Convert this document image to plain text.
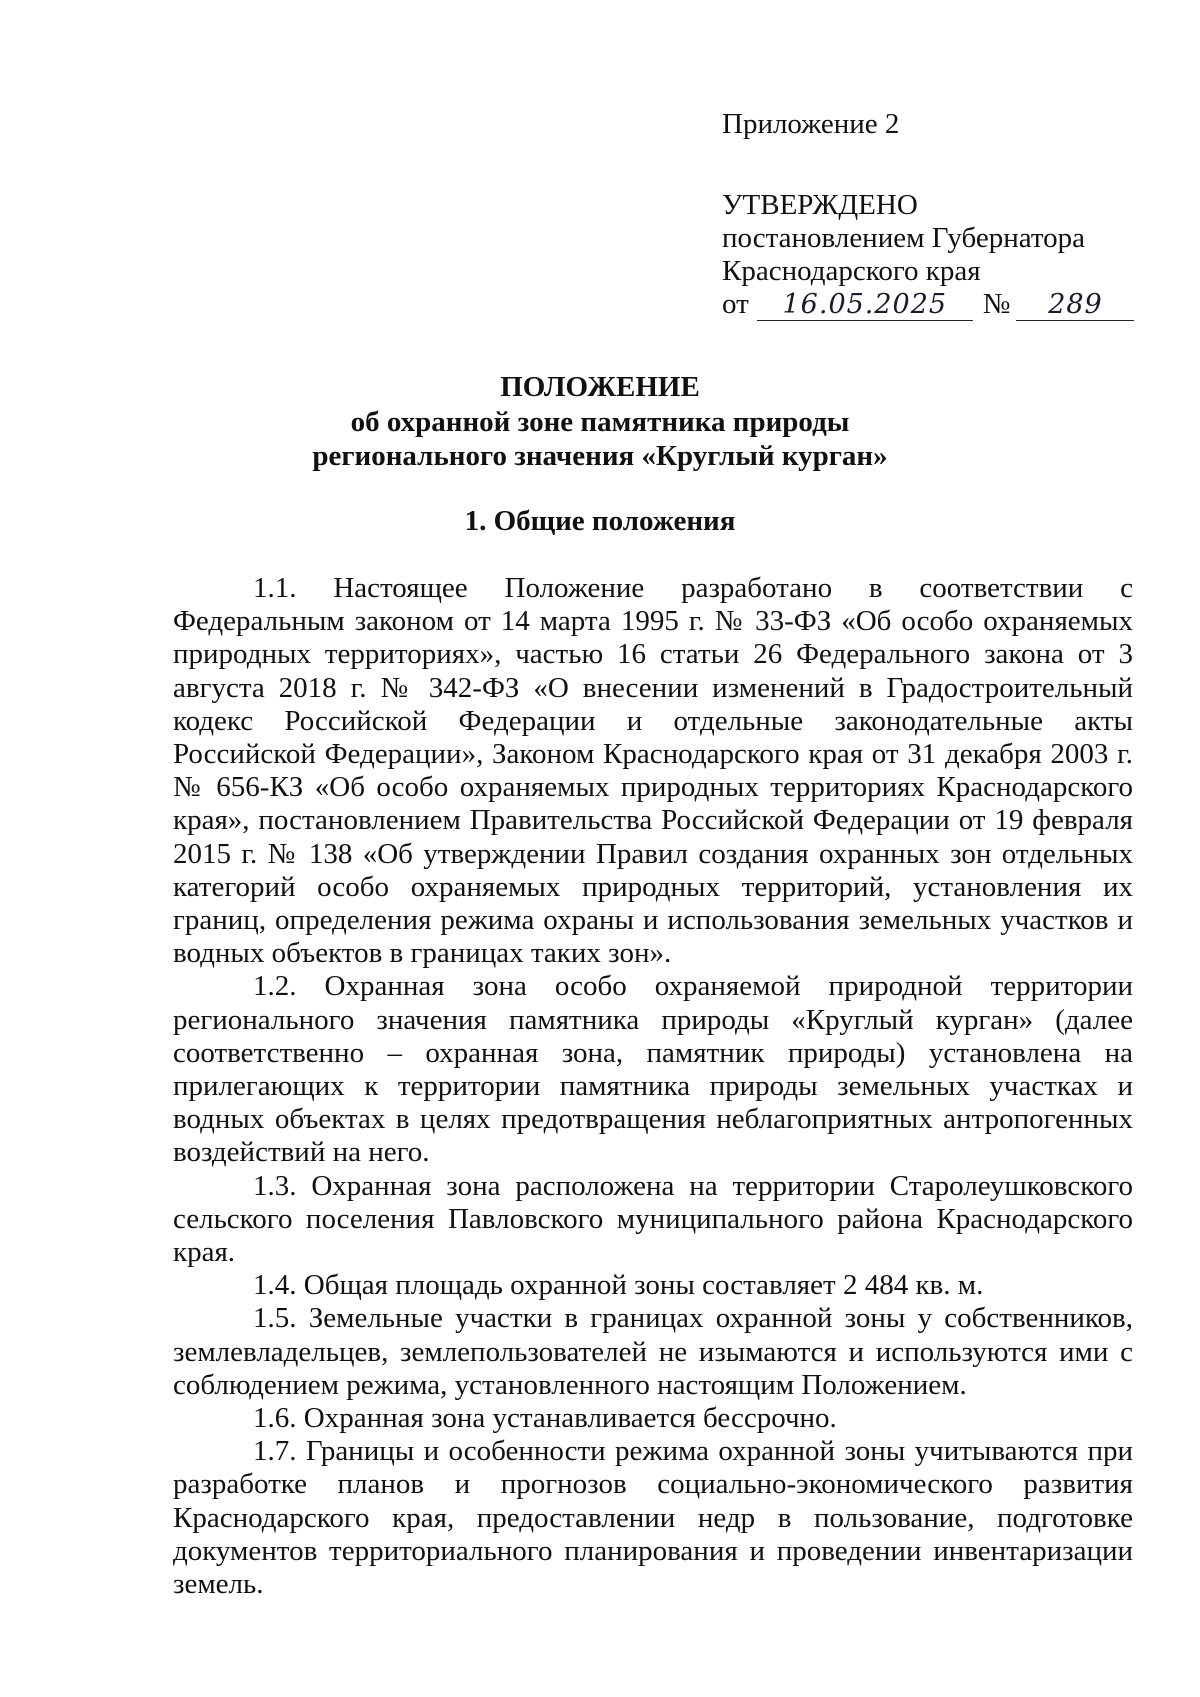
Приложение 2
УТВЕРЖДЕНО
постановлением Губернатора
Краснодарского края
от	16.05.2025	№	289
ПОЛОЖЕНИЕ
об охранной зоне памятника природы
регионального значения «Круглый курган»
1. Общие положения

1.1. Настоящее Положение разработано в соответствии с Федеральным законом от 14 марта 1995 г. № 33-ФЗ «Об особо охраняемых природных территориях», частью 16 статьи 26 Федерального закона от 3 августа 2018 г. № 342-ФЗ «О внесении изменений в Градостроительный кодекс Российской Федерации и отдельные законодательные акты Российской Федерации», Законом Краснодарского края от 31 декабря 2003 г. № 656-КЗ «Об особо охраняемых природных территориях Краснодарского края», постановлением Правительства Российской Федерации от 19 февраля 2015 г. № 138 «Об утверждении Правил создания охранных зон отдельных категорий особо охраняемых природных территорий, установления их границ, определения режима охраны и использования земельных участков и водных объектов в границах таких зон».

1.2. Охранная зона особо охраняемой природной территории регионального значения памятника природы «Круглый курган» (далее соответственно – охранная зона, памятник природы) установлена на прилегающих к территории памятника природы земельных участках и водных объектах в целях предотвращения неблагоприятных антропогенных воздействий на него.

1.3. Охранная зона расположена на территории Старолеушковского сельского поселения Павловского муниципального района Краснодарского края.

1.4. Общая площадь охранной зоны составляет 2 484 кв. м.

1.5. Земельные участки в границах охранной зоны у собственников, землевладельцев, землепользователей не изымаются и используются ими с соблюдением режима, установленного настоящим Положением.

1.6. Охранная зона устанавливается бессрочно.

1.7. Границы и особенности режима охранной зоны учитываются при разработке планов и прогнозов социально-экономического развития Краснодарского края, предоставлении недр в пользование, подготовке документов территориального планирования и проведении инвентаризации земель.
